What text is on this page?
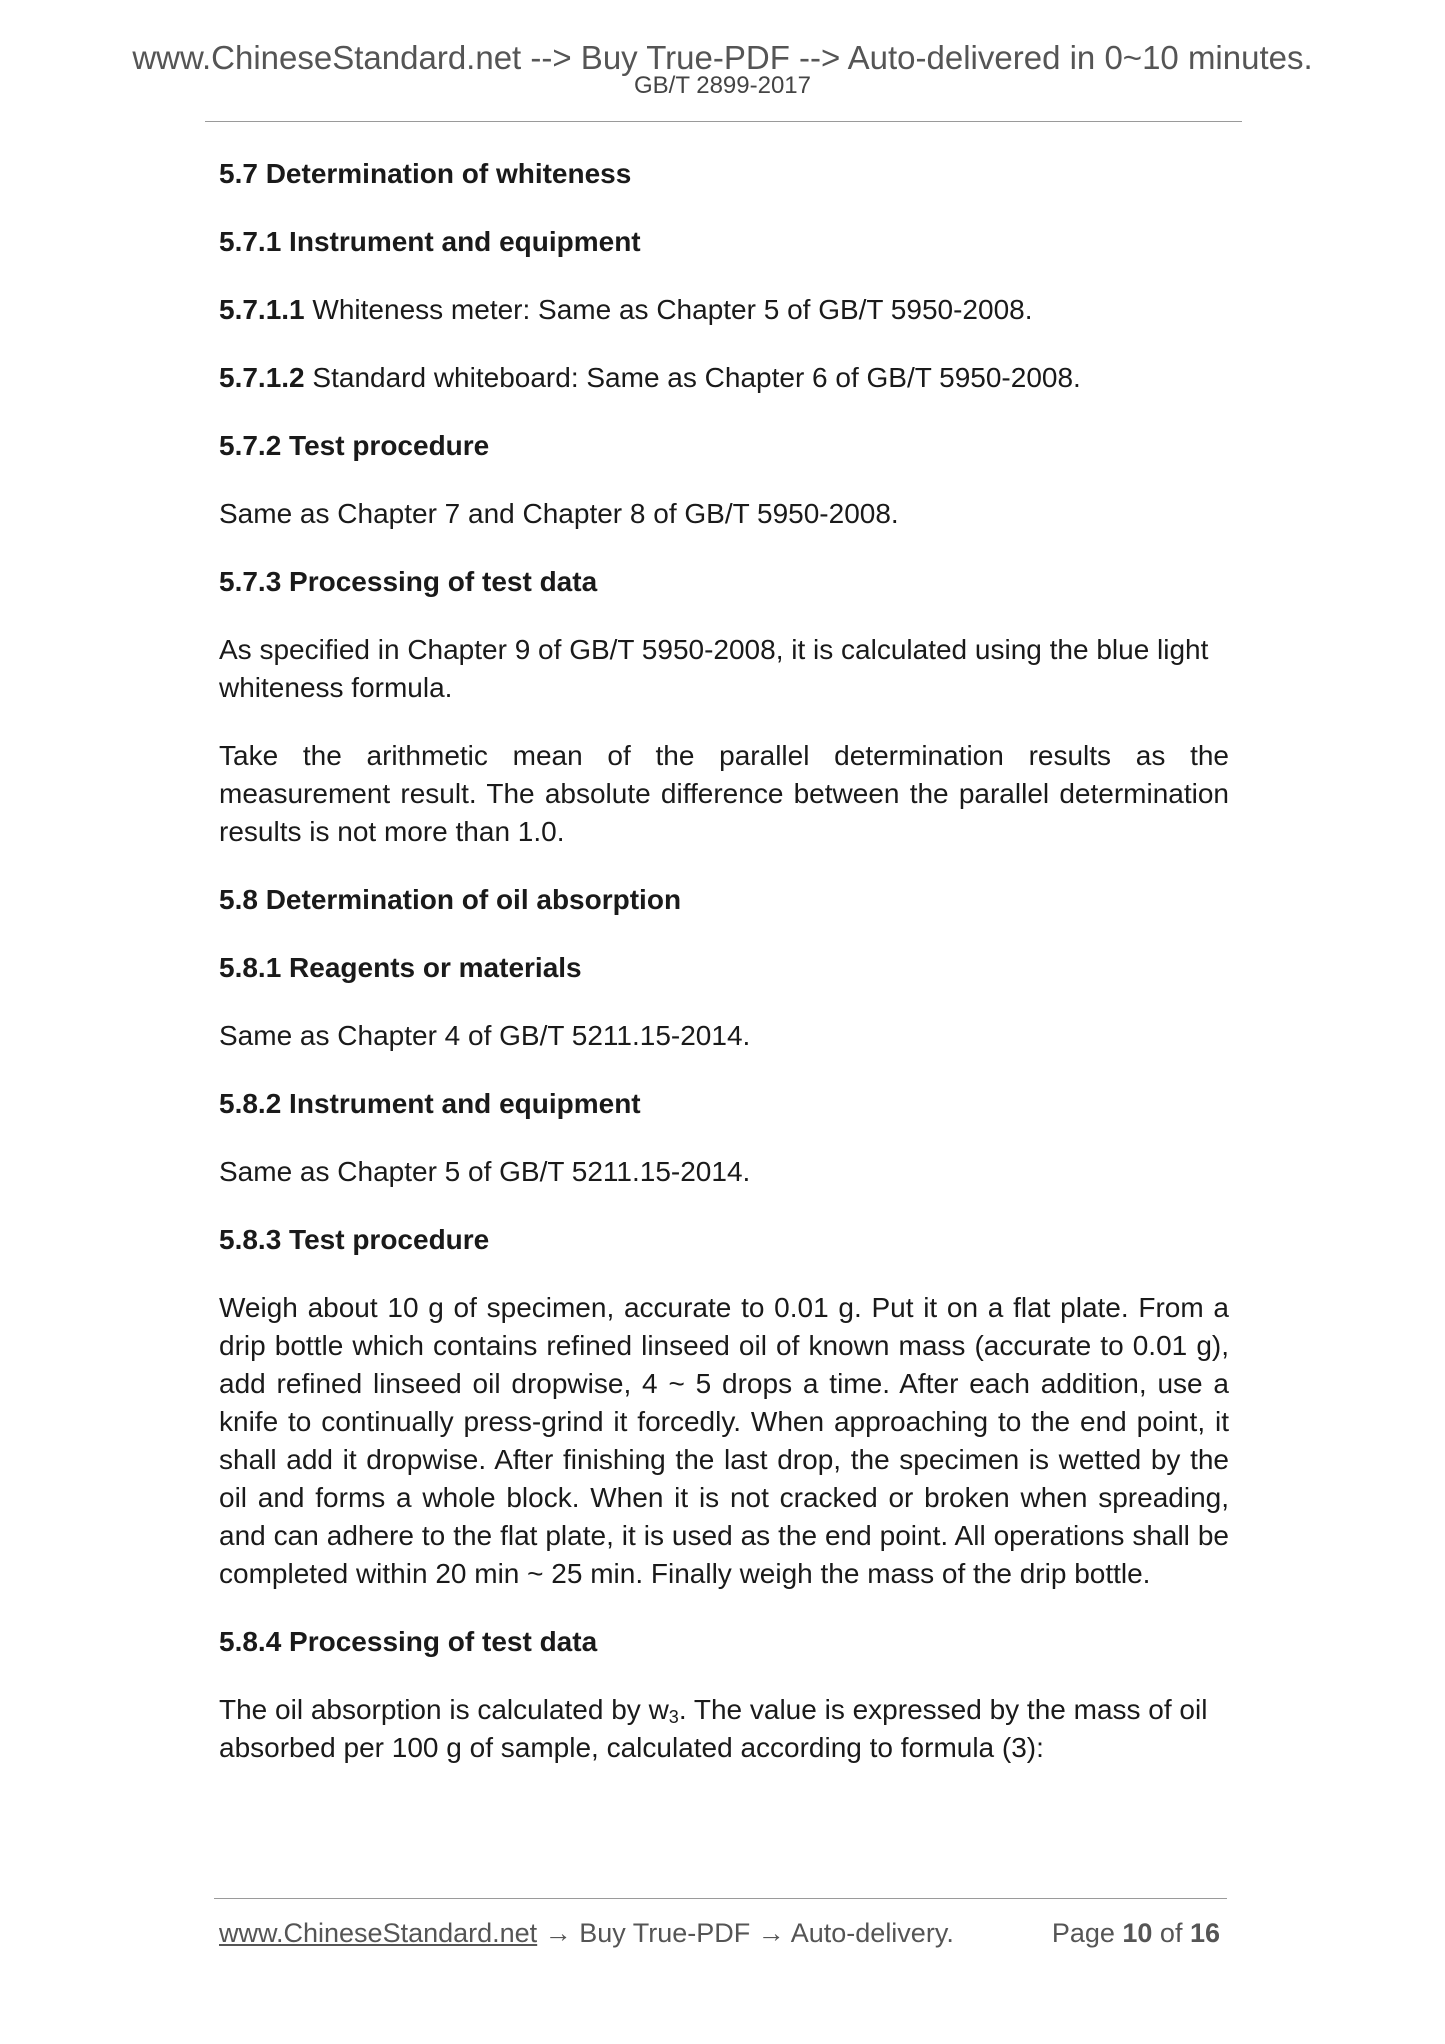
www.ChineseStandard.net --> Buy True-PDF --> Auto-delivered in 0~10 minutes.
GB/T 2899-2017
5.7 Determination of whiteness
5.7.1 Instrument and equipment

5.7.1.1 Whiteness meter: Same as Chapter 5 of GB/T 5950-2008.

5.7.1.2 Standard whiteboard: Same as Chapter 6 of GB/T 5950-2008.

5.7.2 Test procedure

Same as Chapter 7 and Chapter 8 of GB/T 5950-2008.

5.7.3 Processing of test data

As specified in Chapter 9 of GB/T 5950-2008, it is calculated using the blue light whiteness formula.

Take the arithmetic mean of the parallel determination results as the measurement result. The absolute difference between the parallel determination results is not more than 1.0.

5.8 Determination of oil absorption
5.8.1 Reagents or materials

Same as Chapter 4 of GB/T 5211.15-2014.

5.8.2 Instrument and equipment

Same as Chapter 5 of GB/T 5211.15-2014.

5.8.3 Test procedure

Weigh about 10 g of specimen, accurate to 0.01 g. Put it on a flat plate. From a drip bottle which contains refined linseed oil of known mass (accurate to 0.01 g), add refined linseed oil dropwise, 4 ~ 5 drops a time. After each addition, use a knife to continually press-grind it forcedly. When approaching to the end point, it shall add it dropwise. After finishing the last drop, the specimen is wetted by the oil and forms a whole block. When it is not cracked or broken when spreading, and can adhere to the flat plate, it is used as the end point. All operations shall be completed within 20 min ~ 25 min. Finally weigh the mass of the drip bottle.

5.8.4 Processing of test data

The oil absorption is calculated by $w_3$. The value is expressed by the mass of oil absorbed per 100 g of sample, calculated according to formula (3):

www.ChineseStandard.net → Buy True-PDF → Auto-delivery.	Page 10 of 16
